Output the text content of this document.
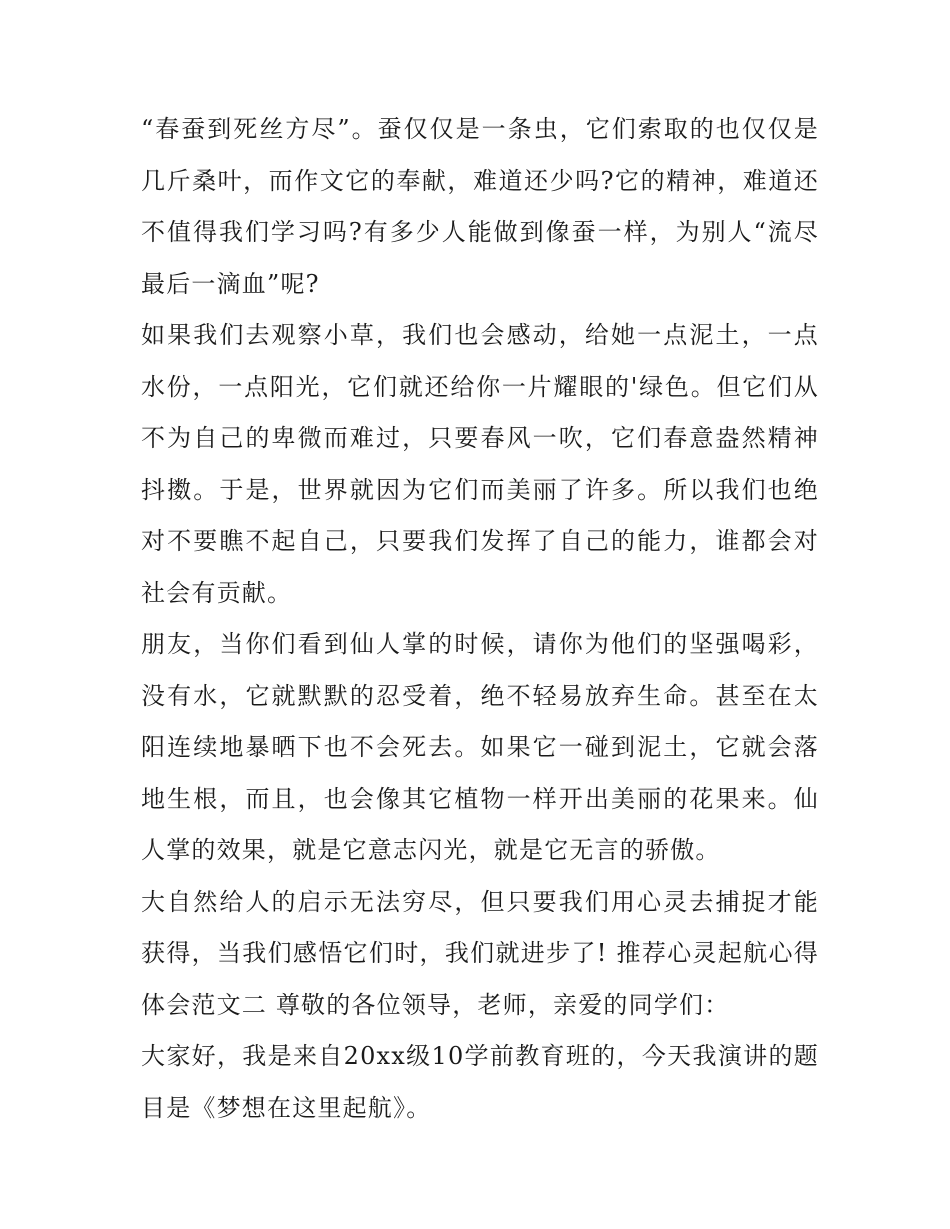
“春蚕到死丝方尽”。蚕仅仅是一条虫，它们索取的也仅仅是几斤桑叶，而作文它的奉献，难道还少吗?它的精神，难道还不值得我们学习吗?有多少人能做到像蚕一样，为别人“流尽最后一滴血”呢?

如果我们去观察小草，我们也会感动，给她一点泥土，一点水份，一点阳光，它们就还给你一片耀眼的'绿色。但它们从不为自己的卑微而难过，只要春风一吹，它们春意盎然精神抖擞。于是，世界就因为它们而美丽了许多。所以我们也绝对不要瞧不起自己，只要我们发挥了自己的能力，谁都会对社会有贡献。

朋友，当你们看到仙人掌的时候，请你为他们的坚强喝彩，没有水，它就默默的忍受着，绝不轻易放弃生命。甚至在太阳连续地暴晒下也不会死去。如果它一碰到泥土，它就会落地生根，而且，也会像其它植物一样开出美丽的花果来。仙人掌的效果，就是它意志闪光，就是它无言的骄傲。

大自然给人的启示无法穷尽，但只要我们用心灵去捕捉才能获得，当我们感悟它们时，我们就进步了! 推荐心灵起航心得体会范文二 尊敬的各位领导，老师，亲爱的同学们：

大家好，我是来自20xx级10学前教育班的，今天我演讲的题目是《梦想在这里起航》。
